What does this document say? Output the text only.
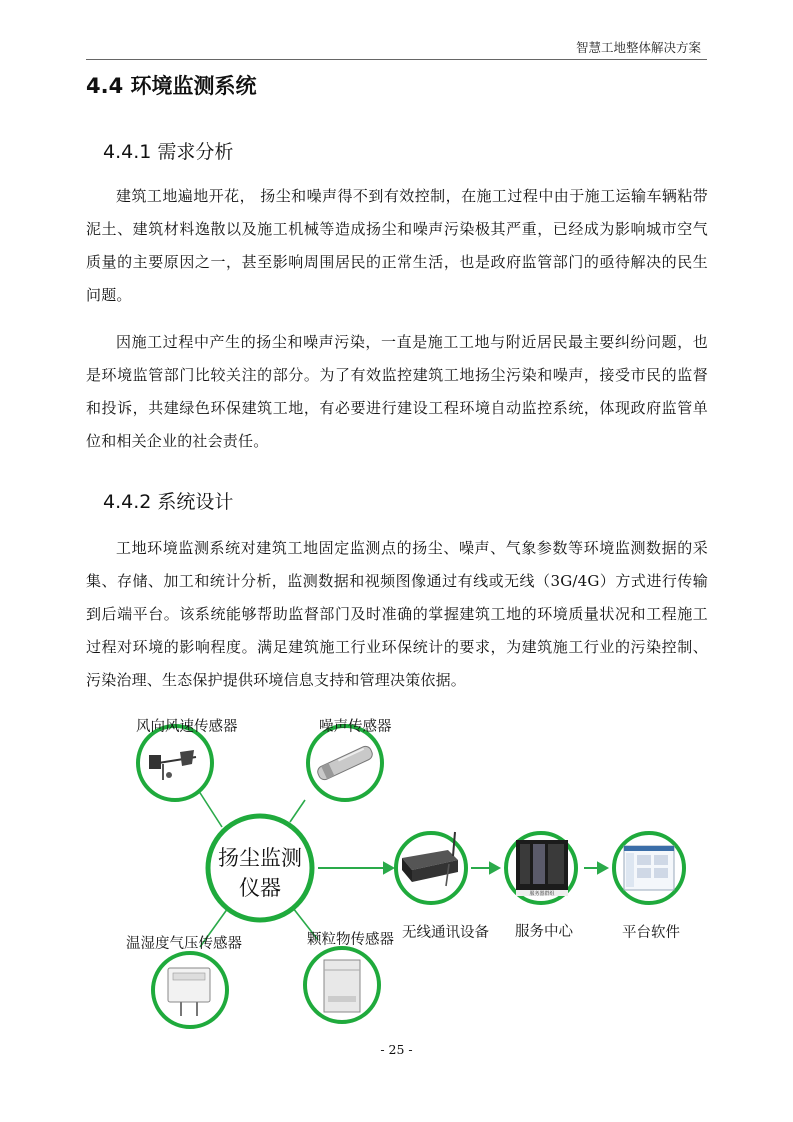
智慧工地整体解决方案
4.4 环境监测系统
4.4.1 需求分析

建筑工地遍地开花， 扬尘和噪声得不到有效控制，在施工过程中由于施工运输车辆粘带泥土、建筑材料逸散以及施工机械等造成扬尘和噪声污染极其严重，已经成为影响城市空气质量的主要原因之一，甚至影响周围居民的正常生活，也是政府监管部门的亟待解决的民生问题。

因施工过程中产生的扬尘和噪声污染，一直是施工工地与附近居民最主要纠纷问题，也是环境监管部门比较关注的部分。为了有效监控建筑工地扬尘污染和噪声，接受市民的监督和投诉，共建绿色环保建筑工地，有必要进行建设工程环境自动监控系统，体现政府监管单位和相关企业的社会责任。

4.4.2 系统设计

工地环境监测系统对建筑工地固定监测点的扬尘、噪声、气象参数等环境监测数据的采集、存储、加工和统计分析，监测数据和视频图像通过有线或无线（3G/4G）方式进行传输到后端平台。该系统能够帮助监督部门及时准确的掌握建筑工地的环境质量状况和工程施工过程对环境的影响程度。满足建筑施工行业环保统计的要求，为建筑施工行业的污染控制、污染治理、生态保护提供环境信息支持和管理决策依据。

服务器群组
扬尘监测
仪器
风向风速传感器	噪声传感器
温湿度气压传感器	颗粒物传感器 无线通讯设备 服务中心	平台软件
- 25 -
